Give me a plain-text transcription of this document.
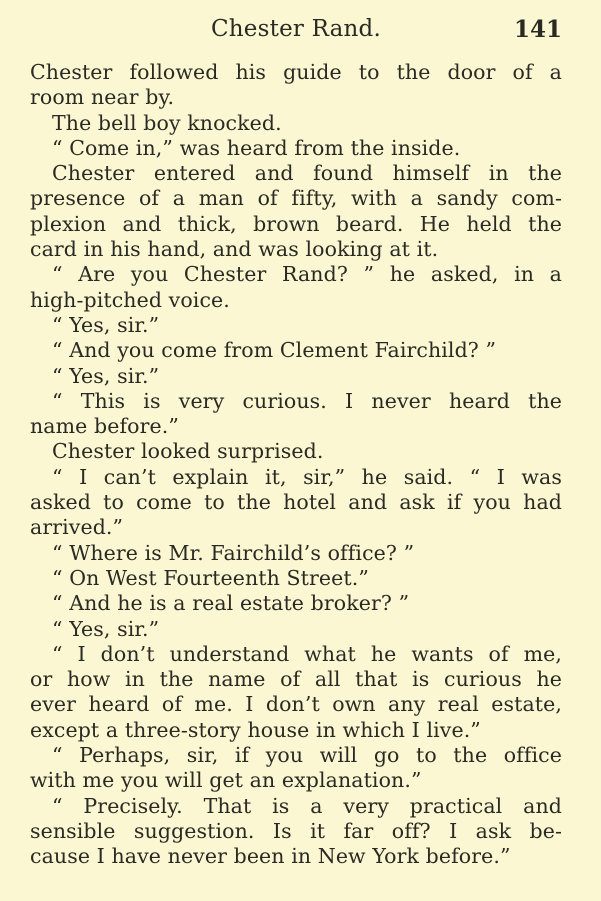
Chester Rand.	141
Chester followed his guide to the door of a
room near by.
The bell boy knocked.
“ Come in,” was heard from the inside.
Chester entered and found himself in the
presence of a man of fifty, with a sandy com-
plexion and thick, brown beard. He held the
card in his hand, and was looking at it.
“ Are you Chester Rand? ” he asked, in a
high-pitched voice.
“ Yes, sir.”
“ And you come from Clement Fairchild? ”
“ Yes, sir.”
“ This is very curious. I never heard the
name before.”
Chester looked surprised.
“ I can’t explain it, sir,” he said. “ I was
asked to come to the hotel and ask if you had
arrived.”
“ Where is Mr. Fairchild’s office? ”
“ On West Fourteenth Street.”
“ And he is a real estate broker? ”
“ Yes, sir.”
“ I don’t understand what he wants of me,
or how in the name of all that is curious he
ever heard of me. I don’t own any real estate,
except a three-story house in which I live.”
“ Perhaps, sir, if you will go to the office
with me you will get an explanation.”
“ Precisely. That is a very practical and
sensible suggestion. Is it far off? I ask be-
cause I have never been in New York before.”
